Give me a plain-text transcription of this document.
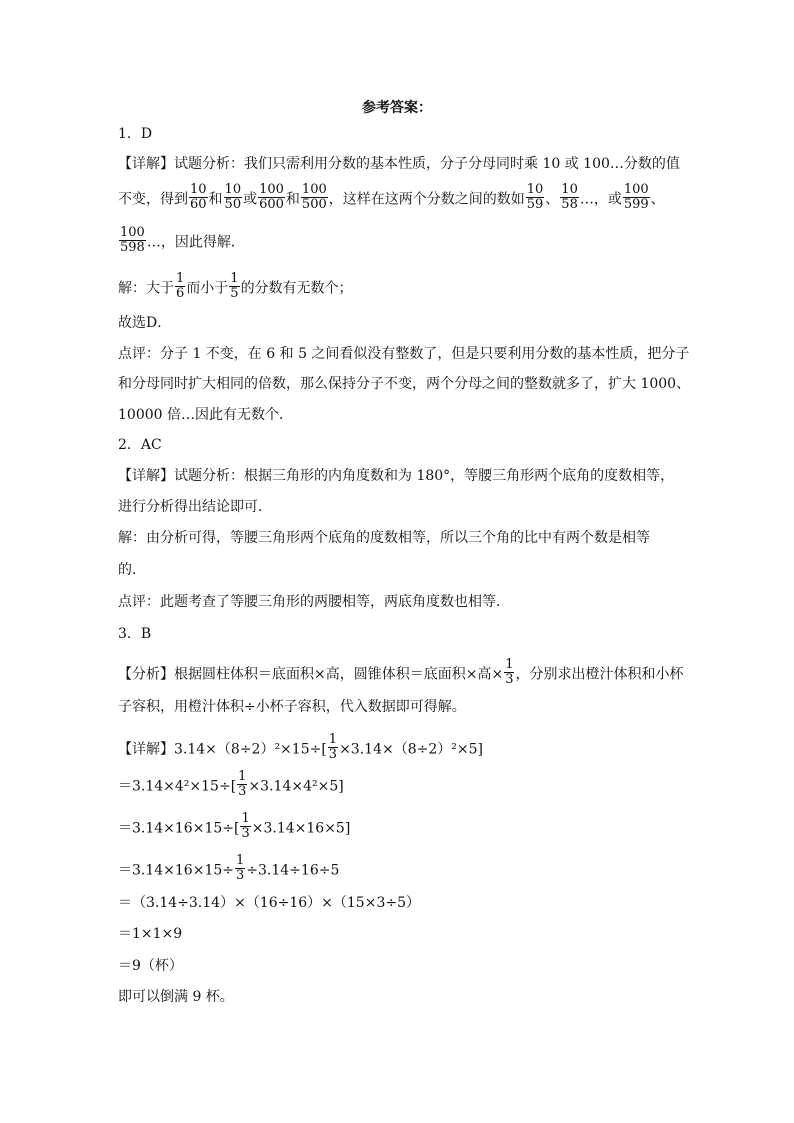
参考答案：
1．D
【详解】试题分析：我们只需利用分数的基本性质，分子分母同时乘 10 或 100…分数的值
不变，得到 $\frac{10}{60}$ 和 $\frac{10}{50}$ 或 $\frac{100}{600}$ 和 $\frac{100}{500}$ ，这样在这两个分数之间的数如 $\frac{10}{59}$ 、 $\frac{10}{58}$ …，或 $\frac{100}{599}$ 、
$\frac{100}{598}$ …，因此得解．
解：大于 $\frac{1}{6}$ 而小于 $\frac{1}{5}$ 的分数有无数个；
故选D．
点评：分子 1 不变，在 6 和 5 之间看似没有整数了，但是只要利用分数的基本性质，把分子
和分母同时扩大相同的倍数，那么保持分子不变，两个分母之间的整数就多了，扩大 1000、
10000 倍…因此有无数个．
2．AC
【详解】试题分析：根据三角形的内角度数和为 180°，等腰三角形两个底角的度数相等，
进行分析得出结论即可．
解：由分析可得，等腰三角形两个底角的度数相等，所以三个角的比中有两个数是相等
的．
点评：此题考查了等腰三角形的两腰相等，两底角度数也相等．
3．B
【分析】根据圆柱体积＝底面积×高，圆锥体积＝底面积×高× $\frac{1}{3}$ ，分别求出橙汁体积和小杯
子容积，用橙汁体积÷小杯子容积，代入数据即可得解。
【详解】$3.14\times(8\div 2)^2\times 15\div[ \frac{1}{3} \times 3.14\times(8\div 2)^2\times 5]$
$=3.14\times 4^2\times 15\div[ \frac{1}{3} \times 3.14\times 4^2\times 5]$
$=3.14\times 16\times 15\div[ \frac{1}{3} \times 3.14\times 16\times 5]$
$=3.14\times 16\times 15\div \frac{1}{3} \div 3.14\div 16\div 5$
＝（3.14÷3.14）×（16÷16）×（15×3÷5）
＝1×1×9
＝9（杯）
即可以倒满 9 杯。
